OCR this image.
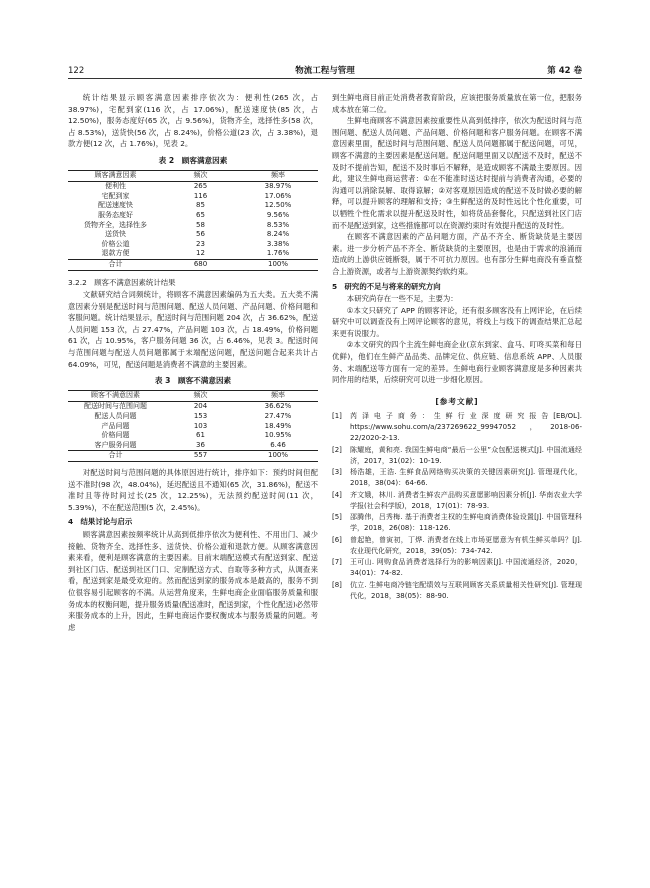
122	物流工程与管理	第 42 卷

统计结果显示顾客满意因素排序依次为：便利性(265 次，占 38.97%)，宅配到家(116 次，占 17.06%)，配送速度快(85 次，占 12.50%)，服务态度好(65 次，占 9.56%)，货物齐全，选择性多(58 次，占 8.53%)，送货快(56 次，占 8.24%)，价格公道(23 次，占 3.38%)，退款方便(12 次，占 1.76%)，见表 2。

表 2　顾客满意因素
顾客满意因素	频次	频率
便利性	265	38.97%
宅配到家	116	17.06%
配送速度快	85	12.50%
服务态度好	65	9.56%
货物齐全，选择性多	58	8.53%
送货快	56	8.24%
价格公道	23	3.38%
退款方便	12	1.76%
合计	680	100%
3.2.2　顾客不满意因素统计结果

文献研究结合词频统计，将顾客不满意因素编码为五大类。五大类不满意因素分别是配送时间与范围问题、配送人员问题、产品问题、价格问题和客服问题。统计结果显示，配送时间与范围问题 204 次，占 36.62%，配送人员问题 153 次，占 27.47%，产品问题 103 次，占 18.49%，价格问题 61 次，占 10.95%，客户服务问题 36 次，占 6.46%，见表 3。配送时间与范围问题与配送人员问题都属于末端配送问题，配送问题合起来共计占 64.09%，可见，配送问题是消费者不满意的主要因素。

表 3　顾客不满意因素
顾客不满意因素	频次	频率
配送时间与范围问题	204	36.62%
配送人员问题	153	27.47%
产品问题	103	18.49%
价格问题	61	10.95%
客户服务问题	36	6.46
合计	557	100%

对配送时间与范围问题的具体原因进行统计，排序如下：预约时间但配送不准时(98 次，48.04%)，延迟配送且不通知(65 次，31.86%)，配送不准时且等待时间过长(25 次，12.25%)，无法预约配送时间(11 次，5.39%)，不在配送范围(5 次，2.45%)。

4　结果讨论与启示

顾客满意因素按频率统计从高到低排序依次为便利性、不用出门、减少接触、货物齐全、选择性多、送货快、价格公道和退款方便。从顾客满意因素来看，便利是顾客满意的主要因素。目前末端配送模式有配送到家、配送到社区门店、配送到社区门口、定制配送方式、自取等多种方式，从调查来看，配送到家是最受欢迎的。然而配送到家的服务成本是最高的，服务不到位很容易引起顾客的不满。从运营角度来，生鲜电商企业面临服务质量和服务成本的权衡问题，提升服务质量(配送准时，配送到家，个性化配送)必然带来服务成本的上升，因此，生鲜电商运作要权衡成本与服务质量的问题。考虑

到生鲜电商目前正处消费者教育阶段，应该把服务质量放在第一位，把服务成本放在第二位。

生鲜电商顾客不满意因素按重要性从高到低排序，依次为配送时间与范围问题、配送人员问题、产品问题、价格问题和客户服务问题。在顾客不满意因素里面，配送时间与范围问题、配送人员问题都属于配送问题，可见，顾客不满意的主要因素是配送问题。配送问题里面又以配送不及时，配送不及时不提前告知，配送不及时事后不解释，是造成顾客不满最主要原因。因此，建议生鲜电商运营者：①在不能准时送达时提前与消费者沟通，必要的沟通可以消除误解、取得谅解；②对客观原因造成的配送不及时做必要的解释，可以提升顾客的理解和支持；③生鲜配送的及时性远比个性化重要，可以牺牲个性化需求以提升配送及时性，如将货品套餐化，只配送到社区门店而不是配送到家，这些措施都可以在资源约束时有效提升配送的及时性。

在顾客不满意因素的产品问题方面，产品不齐全、断货缺货是主要因素。进一步分析产品不齐全、断货缺货的主要原因，也是由于需求的浪涌而造成的上游供应链断裂，属于不可抗力原因。也有部分生鲜电商没有垂直整合上游资源，或者与上游资源契约软约束。

5　研究的不足与将来的研究方向

本研究尚存在一些不足，主要为：

①本文只研究了 APP 的顾客评论，还有很多顾客没有上网评论，在后续研究中可以调查没有上网评论顾客的意见，将线上与线下的调查结果汇总起来更有说服力。

②本文研究的四个主流生鲜电商企业(京东到家、盒马、叮咚买菜和每日优鲜)，他们在生鲜产品品类、品牌定位、供应链、信息系统 APP、人员服务、末端配送等方面有一定的差异。生鲜电商行业顾客满意度是多种因素共同作用的结果，后续研究可以进一步细化原因。

[参考文献]
[1] 芮泽电子商务：生鲜行业深度研究报告[EB/OL]. https://www.sohu.com/a/237269622_99947052，2018-06-22/2020-2-13.
[2] 陈耀庭，黄和亮. 我国生鲜电商“最后一公里”众包配送模式[J]. 中国流通经济，2017，31(02)：10-19.
[3] 杨浩雄，王浩. 生鲜食品网络购买决策的关键因素研究[J]. 管理现代化，2018，38(04)：64-66.
[4] 齐文娥，林川. 消费者生鲜农产品购买意愿影响因素分析[J]. 华南农业大学学报(社会科学版)，2018，17(01)：78-93.
[5] 邵腾伟，吕秀梅. 基于消费者主权的生鲜电商消费体验设置[J]. 中国管理科学，2018，26(08)：118-126.
[6] 曾起艳，曾寅初，丁烨. 消费者在线上市场更愿意为有机生鲜买单吗？[J]. 农业现代化研究，2018，39(05)：734-742.
[7] 王可山. 网购食品消费者选择行为的影响因素[J]. 中国流通经济，2020，34(01)：74-82.
[8] 伉立. 生鲜电商冷链宅配绩效与互联网顾客关系质量相关性研究[J]. 管理现代化，2018，38(05)：88-90.
